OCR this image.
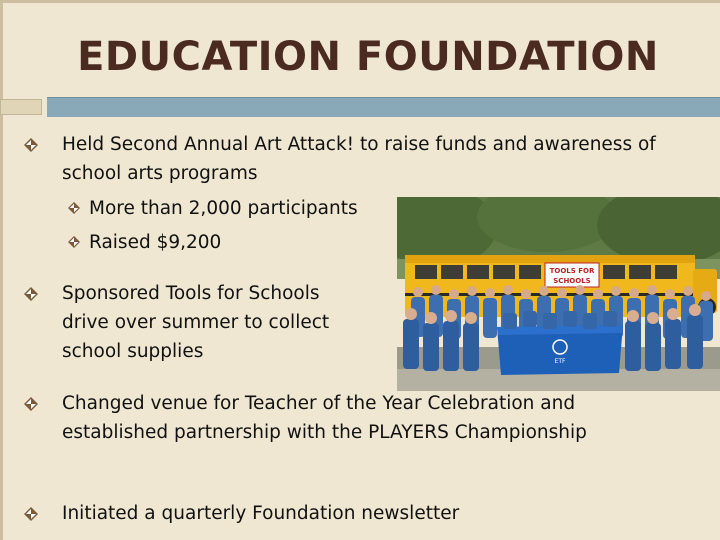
EDUCATION FOUNDATION
Held Second Annual Art Attack! to raise funds and awareness of school arts programs
More than 2,000 participants
Raised $9,200
Sponsored Tools for Schools drive over summer to collect school supplies
Changed venue for Teacher of the Year Celebration and established partnership with the PLAYERS Championship
Initiated a quarterly Foundation newsletter
TOOLS FOR
SCHOOLS
ETF
